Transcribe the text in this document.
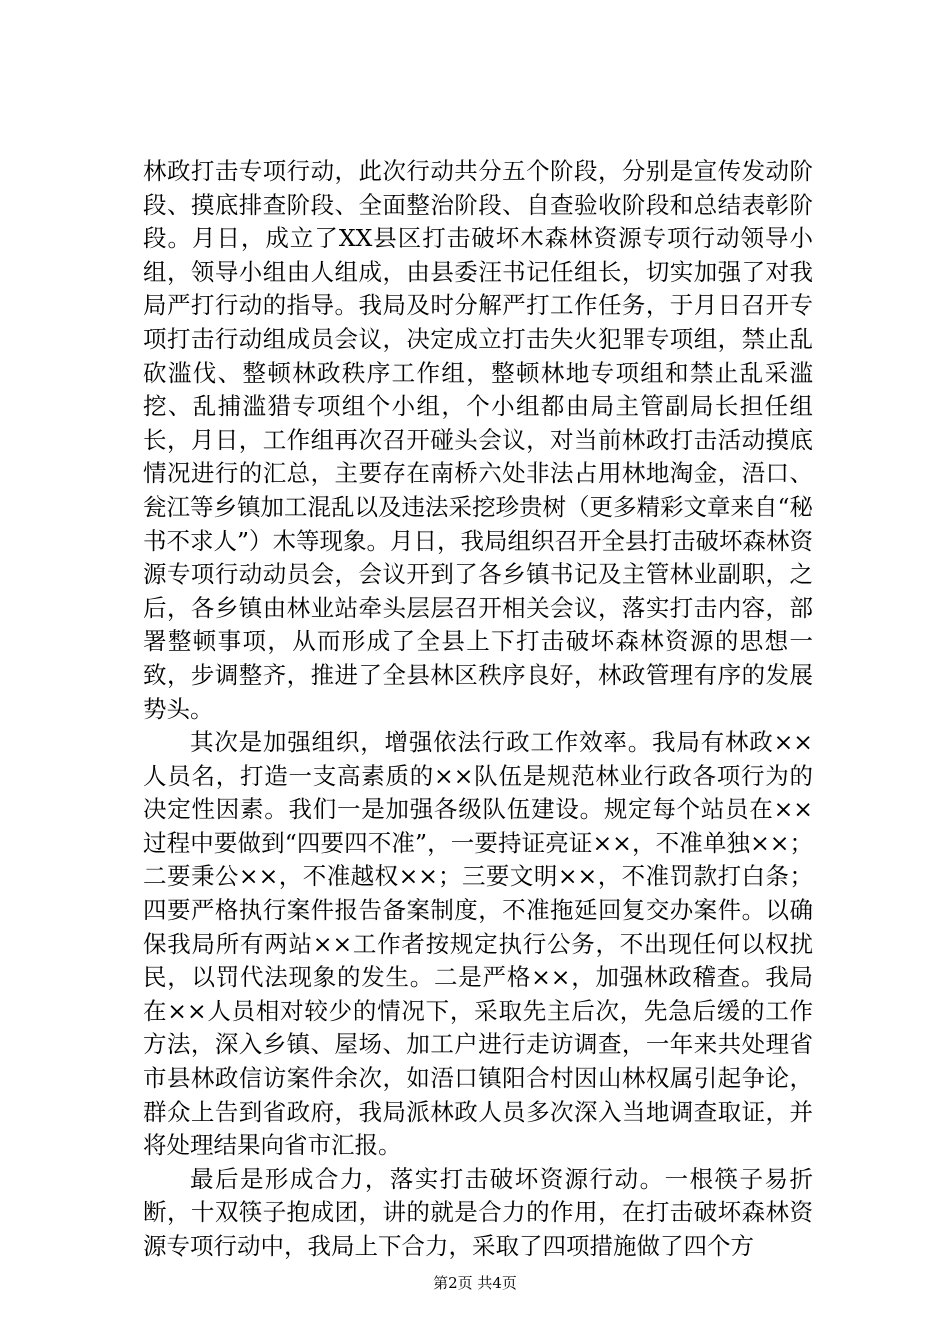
林政打击专项行动，此次行动共分五个阶段，分别是宣传发动阶段、摸底排查阶段、全面整治阶段、自查验收阶段和总结表彰阶段。月日，成立了XX县区打击破坏木森林资源专项行动领导小组，领导小组由人组成，由县委汪书记任组长，切实加强了对我局严打行动的指导。我局及时分解严打工作任务，于月日召开专项打击行动组成员会议，决定成立打击失火犯罪专项组，禁止乱砍滥伐、整顿林政秩序工作组，整顿林地专项组和禁止乱采滥挖、乱捕滥猎专项组个小组，个小组都由局主管副局长担任组长，月日，工作组再次召开碰头会议，对当前林政打击活动摸底情况进行的汇总，主要存在南桥六处非法占用林地淘金，浯口、瓮江等乡镇加工混乱以及违法采挖珍贵树（更多精彩文章来自“秘书不求人”）木等现象。月日，我局组织召开全县打击破坏森林资源专项行动动员会，会议开到了各乡镇书记及主管林业副职，之后，各乡镇由林业站牵头层层召开相关会议，落实打击内容，部署整顿事项，从而形成了全县上下打击破坏森林资源的思想一致，步调整齐，推进了全县林区秩序良好，林政管理有序的发展势头。

其次是加强组织，增强依法行政工作效率。我局有林政××人员名，打造一支高素质的××队伍是规范林业行政各项行为的决定性因素。我们一是加强各级队伍建设。规定每个站员在××过程中要做到“四要四不准”，一要持证亮证××，不准单独××；二要秉公××，不准越权××；三要文明××，不准罚款打白条；四要严格执行案件报告备案制度，不准拖延回复交办案件。以确保我局所有两站××工作者按规定执行公务，不出现任何以权扰民，以罚代法现象的发生。二是严格××，加强林政稽查。我局在××人员相对较少的情况下，采取先主后次，先急后缓的工作方法，深入乡镇、屋场、加工户进行走访调查，一年来共处理省市县林政信访案件余次，如浯口镇阳合村因山林权属引起争论，群众上告到省政府，我局派林政人员多次深入当地调查取证，并将处理结果向省市汇报。

最后是形成合力，落实打击破坏资源行动。一根筷子易折断，十双筷子抱成团，讲的就是合力的作用，在打击破坏森林资源专项行动中，我局上下合力，采取了四项措施做了四个方

第2页 共4页
